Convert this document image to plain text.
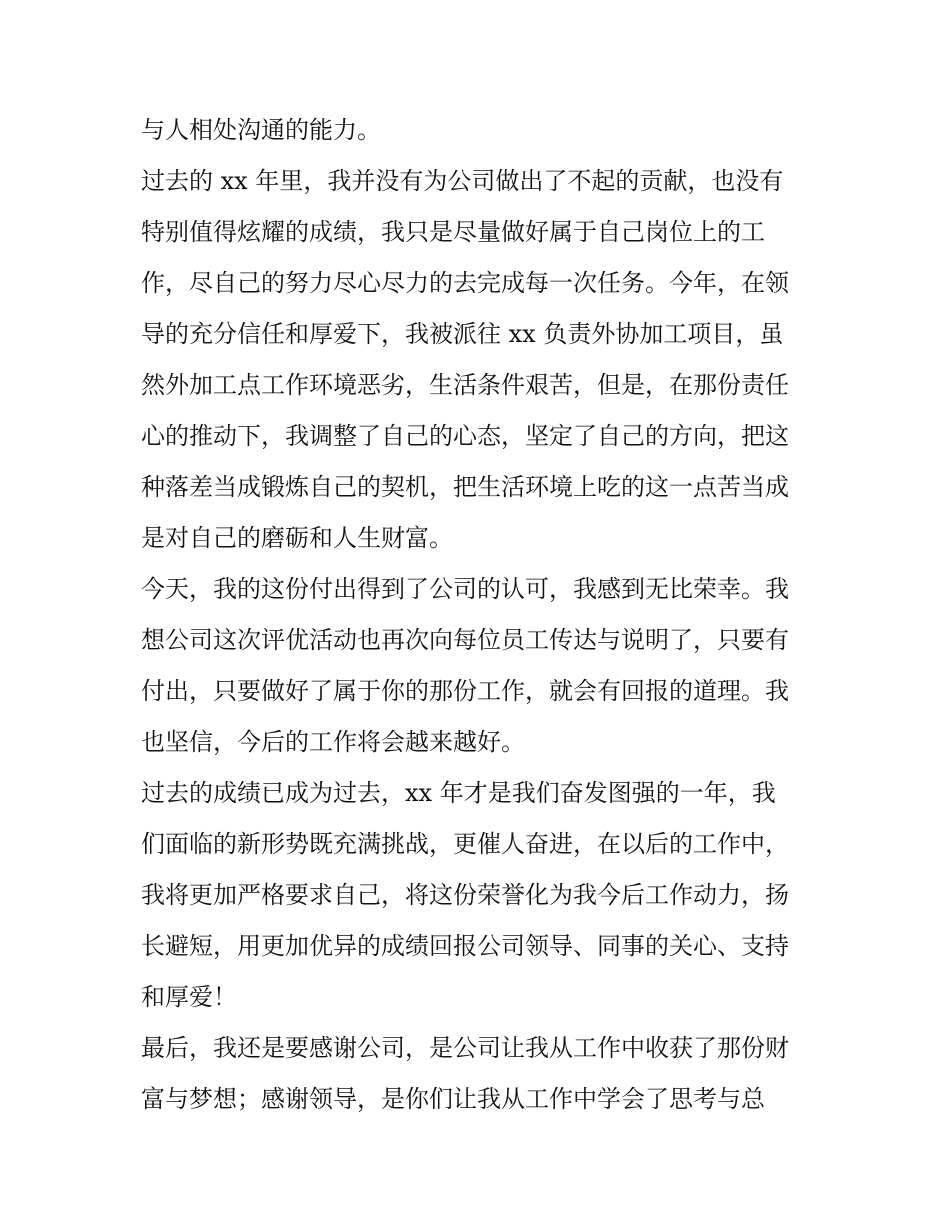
与人相处沟通的能力。
过去的 xx 年里，我并没有为公司做出了不起的贡献，也没有
特别值得炫耀的成绩，我只是尽量做好属于自己岗位上的工
作，尽自己的努力尽心尽力的去完成每一次任务。今年，在领
导的充分信任和厚爱下，我被派往 xx 负责外协加工项目，虽
然外加工点工作环境恶劣，生活条件艰苦，但是，在那份责任
心的推动下，我调整了自己的心态，坚定了自己的方向，把这
种落差当成锻炼自己的契机，把生活环境上吃的这一点苦当成
是对自己的磨砺和人生财富。
今天，我的这份付出得到了公司的认可，我感到无比荣幸。我
想公司这次评优活动也再次向每位员工传达与说明了，只要有
付出，只要做好了属于你的那份工作，就会有回报的道理。我
也坚信，今后的工作将会越来越好。
过去的成绩已成为过去，xx 年才是我们奋发图强的一年，我
们面临的新形势既充满挑战，更催人奋进，在以后的工作中，
我将更加严格要求自己，将这份荣誉化为我今后工作动力，扬
长避短，用更加优异的成绩回报公司领导、同事的关心、支持
和厚爱！
最后，我还是要感谢公司，是公司让我从工作中收获了那份财
富与梦想；感谢领导，是你们让我从工作中学会了思考与总
